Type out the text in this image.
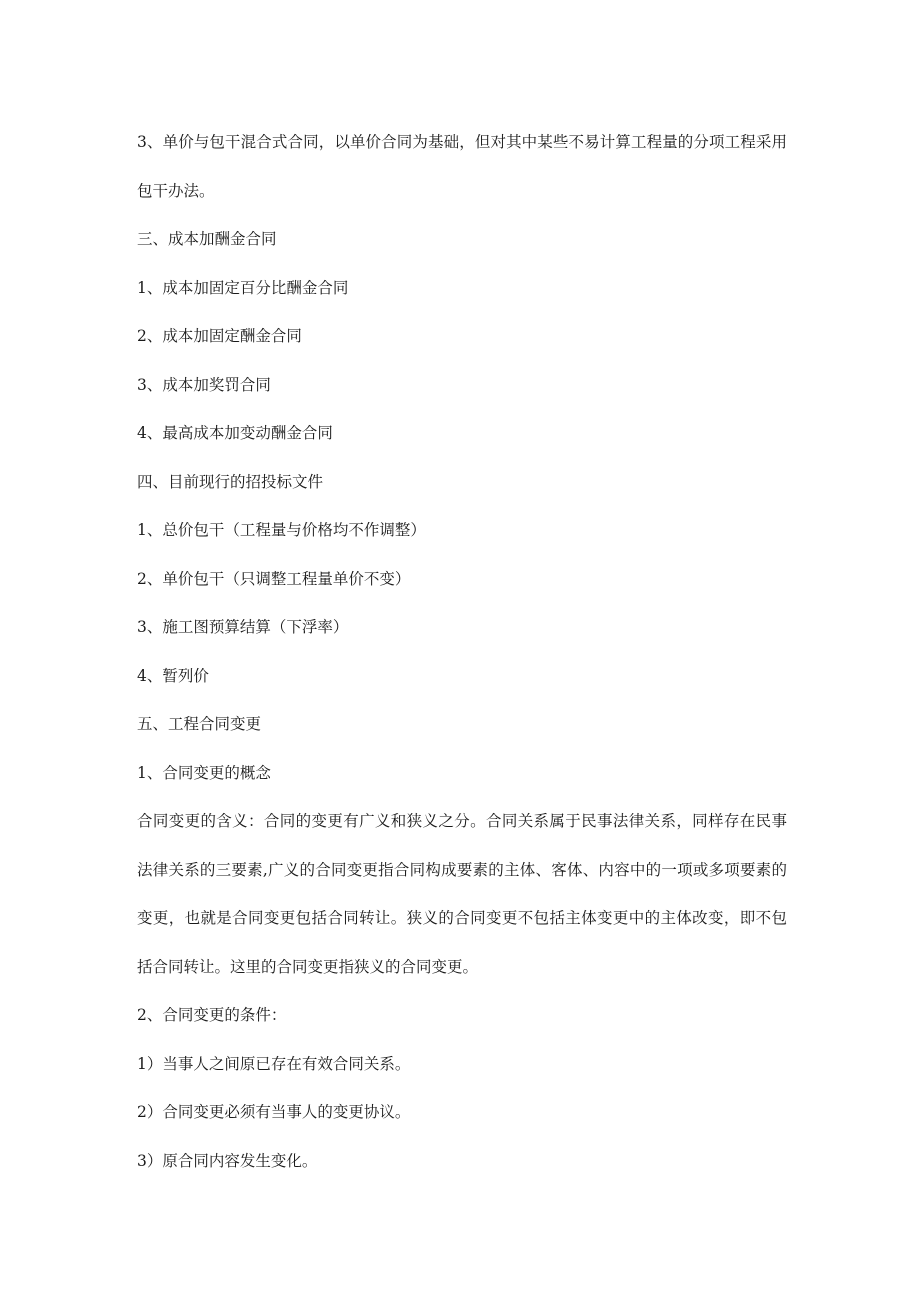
3、单价与包干混合式合同，以单价合同为基础，但对其中某些不易计算工程量的分项工程采用包干办法。

三、成本加酬金合同

1、成本加固定百分比酬金合同

2、成本加固定酬金合同

3、成本加奖罚合同

4、最高成本加变动酬金合同

四、目前现行的招投标文件

1、总价包干（工程量与价格均不作调整）

2、单价包干（只调整工程量单价不变）

3、施工图预算结算（下浮率）

4、暂列价

五、工程合同变更

1、合同变更的概念

合同变更的含义：合同的变更有广义和狭义之分。合同关系属于民事法律关系，同样存在民事法律关系的三要素,广义的合同变更指合同构成要素的主体、客体、内容中的一项或多项要素的变更，也就是合同变更包括合同转让。狭义的合同变更不包括主体变更中的主体改变，即不包括合同转让。这里的合同变更指狭义的合同变更。

2、合同变更的条件：

1）当事人之间原已存在有效合同关系。

2）合同变更必须有当事人的变更协议。

3）原合同内容发生变化。
